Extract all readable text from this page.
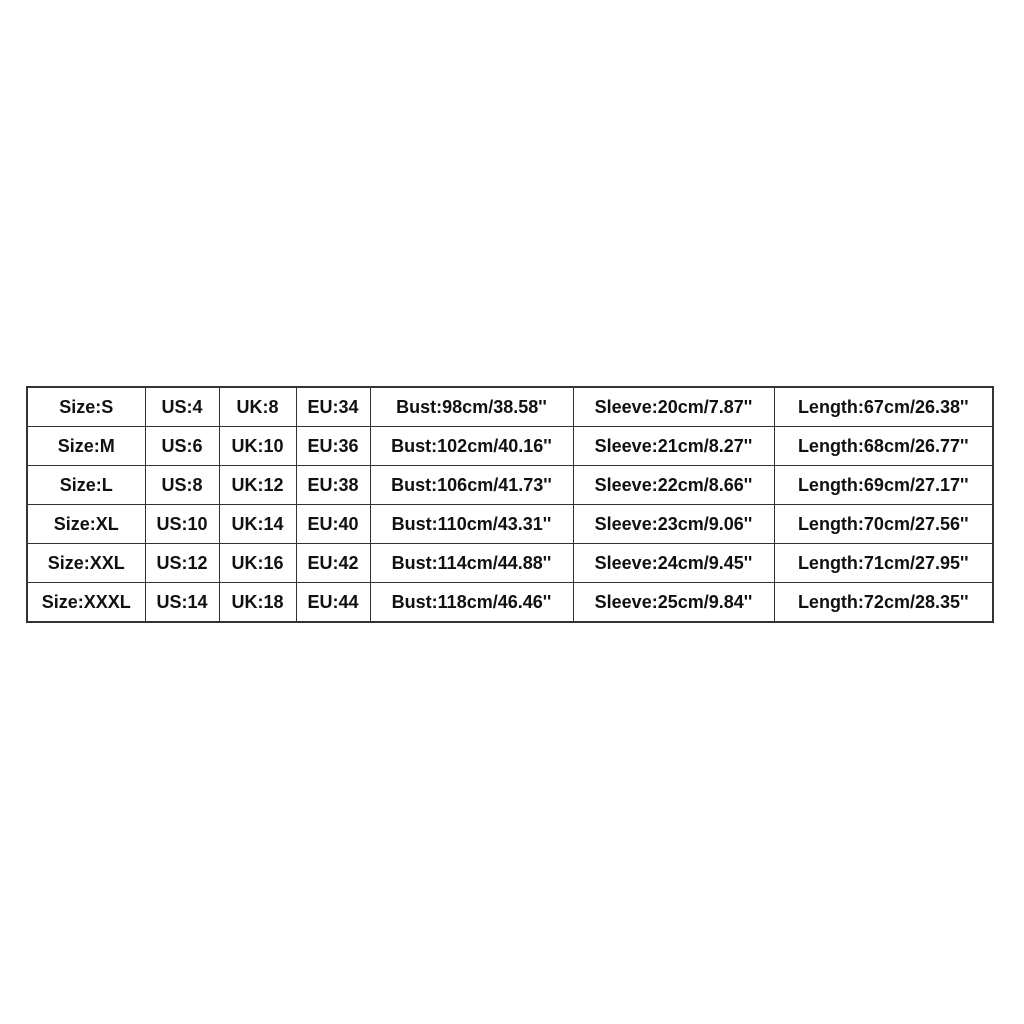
Size:S	US:4	UK:8	EU:34	Bust:98cm/38.58''	Sleeve:20cm/7.87''	Length:67cm/26.38''
Size:M	US:6	UK:10	EU:36	Bust:102cm/40.16''	Sleeve:21cm/8.27''	Length:68cm/26.77''
Size:L	US:8	UK:12	EU:38	Bust:106cm/41.73''	Sleeve:22cm/8.66''	Length:69cm/27.17''
Size:XL	US:10	UK:14	EU:40	Bust:110cm/43.31''	Sleeve:23cm/9.06''	Length:70cm/27.56''
Size:XXL	US:12	UK:16	EU:42	Bust:114cm/44.88''	Sleeve:24cm/9.45''	Length:71cm/27.95''
Size:XXXL	US:14	UK:18	EU:44	Bust:118cm/46.46''	Sleeve:25cm/9.84''	Length:72cm/28.35''
